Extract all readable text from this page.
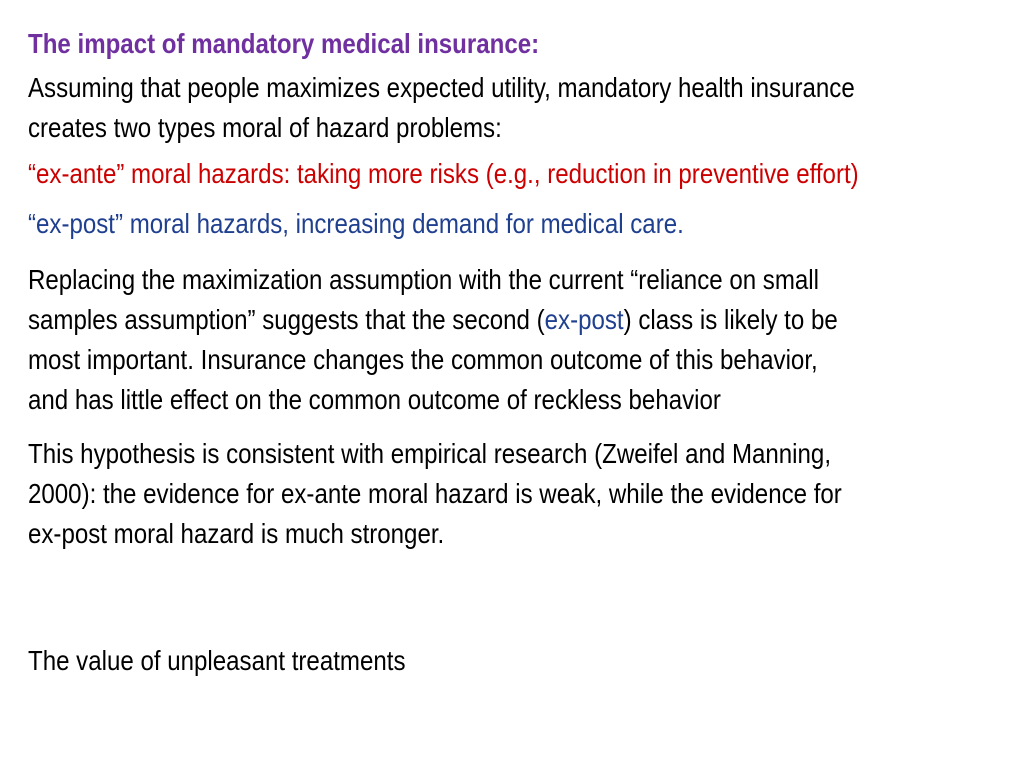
The impact of mandatory medical insurance:

Assuming that people maximizes expected utility, mandatory health insurance
creates two types moral of hazard problems:

“ex-ante” moral hazards: taking more risks (e.g., reduction in preventive effort)

“ex-post” moral hazards, increasing demand for medical care.

Replacing the maximization assumption with the current “reliance on small
samples assumption” suggests that the second (ex-post) class is likely to be
most important. Insurance changes the common outcome of this behavior,
and has little effect on the common outcome of reckless behavior

This hypothesis is consistent with empirical research (Zweifel and Manning,
2000): the evidence for ex-ante moral hazard is weak, while the evidence for
ex-post moral hazard is much stronger.

The value of unpleasant treatments
